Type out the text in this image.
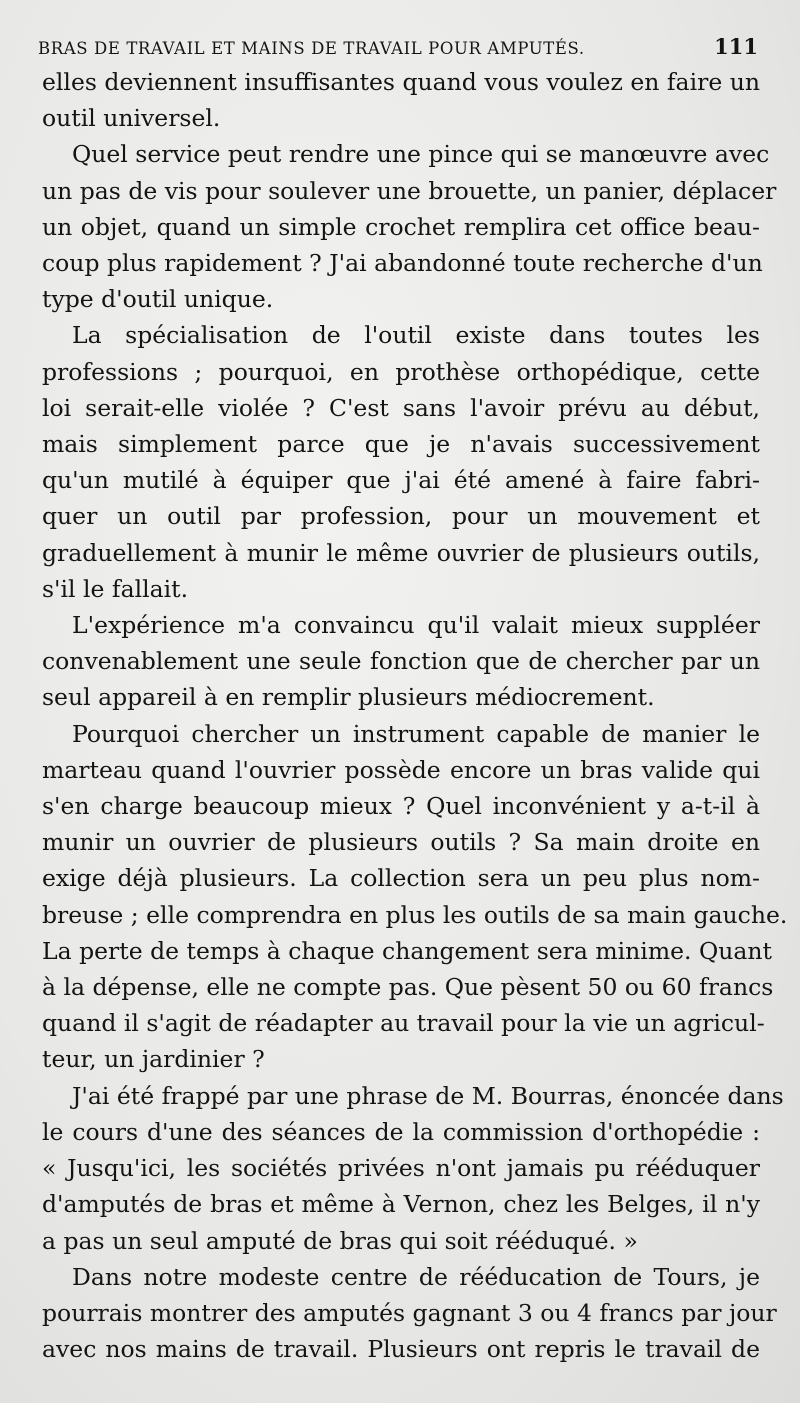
BRAS DE TRAVAIL ET MAINS DE TRAVAIL POUR AMPUTÉS.	111
elles deviennent insuffisantes quand vous voulez en faire un
outil universel.
Quel service peut rendre une pince qui se manœuvre avec
un pas de vis pour soulever une brouette, un panier, déplacer
un objet, quand un simple crochet remplira cet office beau-
coup plus rapidement ? J'ai abandonné toute recherche d'un
type d'outil unique.
La spécialisation de l'outil existe dans toutes les
professions ; pourquoi, en prothèse orthopédique, cette
loi serait-elle violée ? C'est sans l'avoir prévu au début,
mais simplement parce que je n'avais successivement
qu'un mutilé à équiper que j'ai été amené à faire fabri-
quer un outil par profession, pour un mouvement et
graduellement à munir le même ouvrier de plusieurs outils,
s'il le fallait.
L'expérience m'a convaincu qu'il valait mieux suppléer
convenablement une seule fonction que de chercher par un
seul appareil à en remplir plusieurs médiocrement.
Pourquoi chercher un instrument capable de manier le
marteau quand l'ouvrier possède encore un bras valide qui
s'en charge beaucoup mieux ? Quel inconvénient y a-t-il à
munir un ouvrier de plusieurs outils ? Sa main droite en
exige déjà plusieurs. La collection sera un peu plus nom-
breuse ; elle comprendra en plus les outils de sa main gauche.
La perte de temps à chaque changement sera minime. Quant
à la dépense, elle ne compte pas. Que pèsent 50 ou 60 francs
quand il s'agit de réadapter au travail pour la vie un agricul-
teur, un jardinier ?
J'ai été frappé par une phrase de M. Bourras, énoncée dans
le cours d'une des séances de la commission d'orthopédie :
« Jusqu'ici, les sociétés privées n'ont jamais pu rééduquer
d'amputés de bras et même à Vernon, chez les Belges, il n'y
a pas un seul amputé de bras qui soit rééduqué. »
Dans notre modeste centre de rééducation de Tours, je
pourrais montrer des amputés gagnant 3 ou 4 francs par jour
avec nos mains de travail. Plusieurs ont repris le travail de
